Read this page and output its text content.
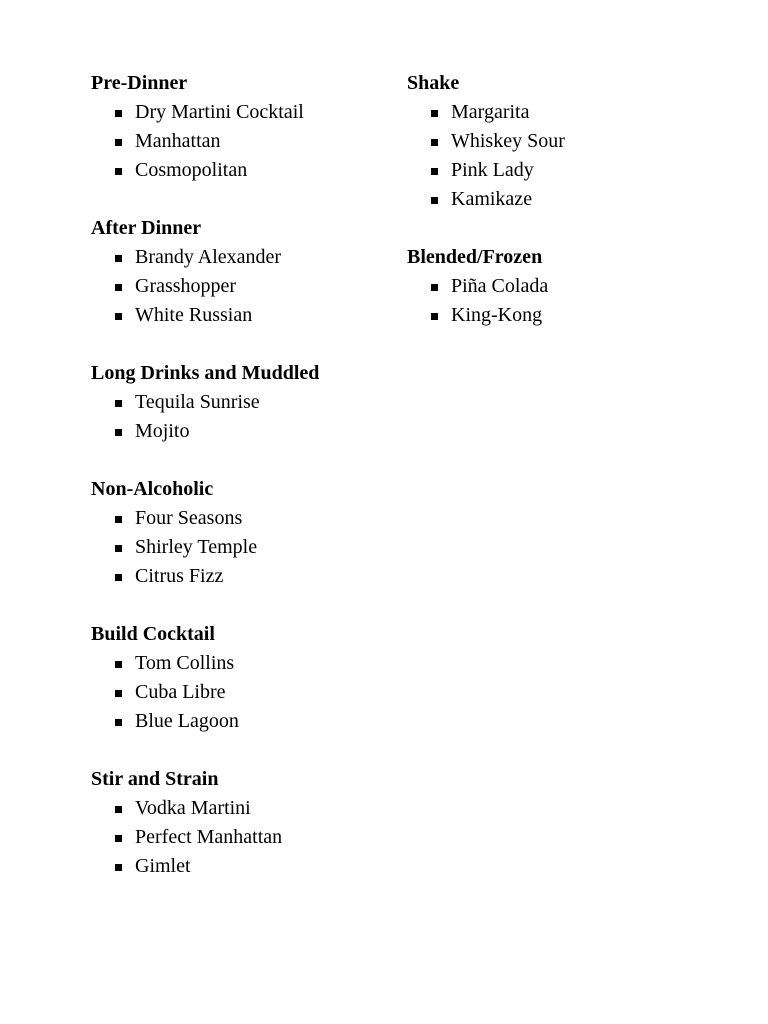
Pre-Dinner
Dry Martini Cocktail
Manhattan
Cosmopolitan
After Dinner
Brandy Alexander
Grasshopper
White Russian
Long Drinks and Muddled
Tequila Sunrise
Mojito
Non-Alcoholic
Four Seasons
Shirley Temple
Citrus Fizz
Build Cocktail
Tom Collins
Cuba Libre
Blue Lagoon
Stir and Strain
Vodka Martini
Perfect Manhattan
Gimlet
Shake
Margarita
Whiskey Sour
Pink Lady
Kamikaze
Blended/Frozen
Piña Colada
King-Kong
